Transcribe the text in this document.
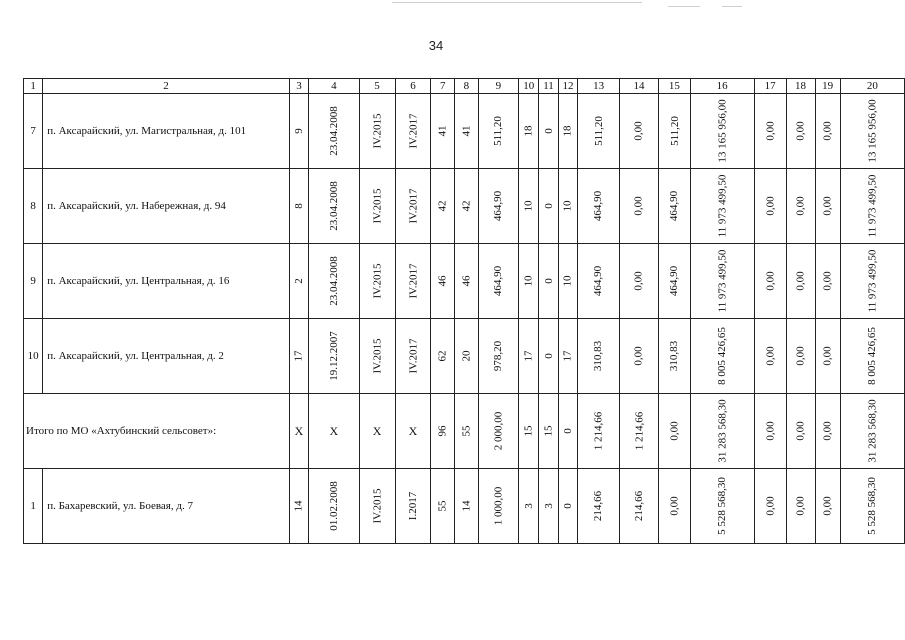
34
1	2	3	4	5	6	7	8	9	10	11	12	13	14	15	16	17	18	19	20
7	п. Аксарайский, ул. Магистральная, д. 101	9	23.04.2008	IV.2015	IV.2017	41	41	511,20	18	0	18	511,20	0,00	511,20	13 165 956,00	0,00	0,00	0,00	13 165 956,00
8	п. Аксарайский, ул. Набережная, д. 94	8	23.04.2008	IV.2015	IV.2017	42	42	464,90	10	0	10	464,90	0,00	464,90	11 973 499,50	0,00	0,00	0,00	11 973 499,50
9	п. Аксарайский, ул. Центральная, д. 16	2	23.04.2008	IV.2015	IV.2017	46	46	464,90	10	0	10	464,90	0,00	464,90	11 973 499,50	0,00	0,00	0,00	11 973 499,50
10	п. Аксарайский, ул. Центральная, д. 2	17	19.12.2007	IV.2015	IV.2017	62	20	978,20	17	0	17	310,83	0,00	310,83	8 005 426,65	0,00	0,00	0,00	8 005 426,65
Итого по МО «Ахтубинский сельсовет»:		X	X	X	X	96	55	2 000,00	15	15	0	1 214,66	1 214,66	0,00	31 283 568,30	0,00	0,00	0,00	31 283 568,30
1	п. Бахаревский, ул. Боевая, д. 7	14	01.02.2008	IV.2015	I.2017	55	14	1 000,00	3	3	0	214,66	214,66	0,00	5 528 568,30	0,00	0,00	0,00	5 528 568,30
